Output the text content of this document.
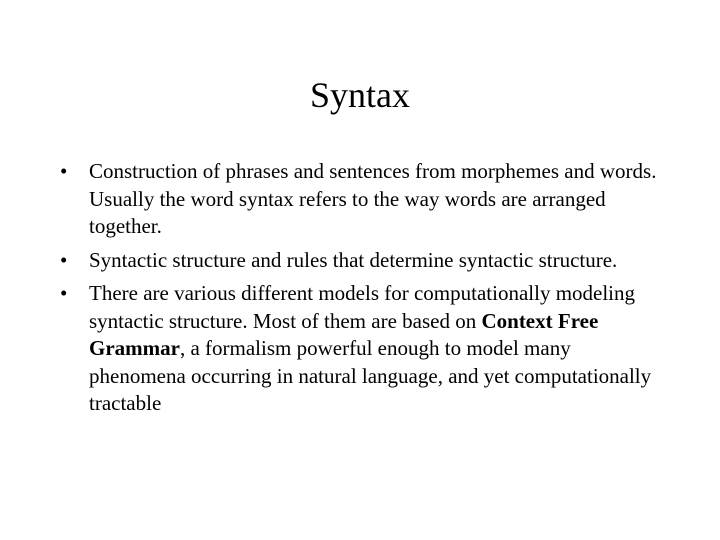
Syntax
•	Construction of phrases and sentences from morphemes and words. Usually the word syntax refers to the way words are arranged together.
•	Syntactic structure and rules that determine syntactic structure.
•	There are various different models for computationally modeling syntactic structure. Most of them are based on Context Free Grammar, a formalism powerful enough to model many phenomena occurring in natural language, and yet computationally tractable
